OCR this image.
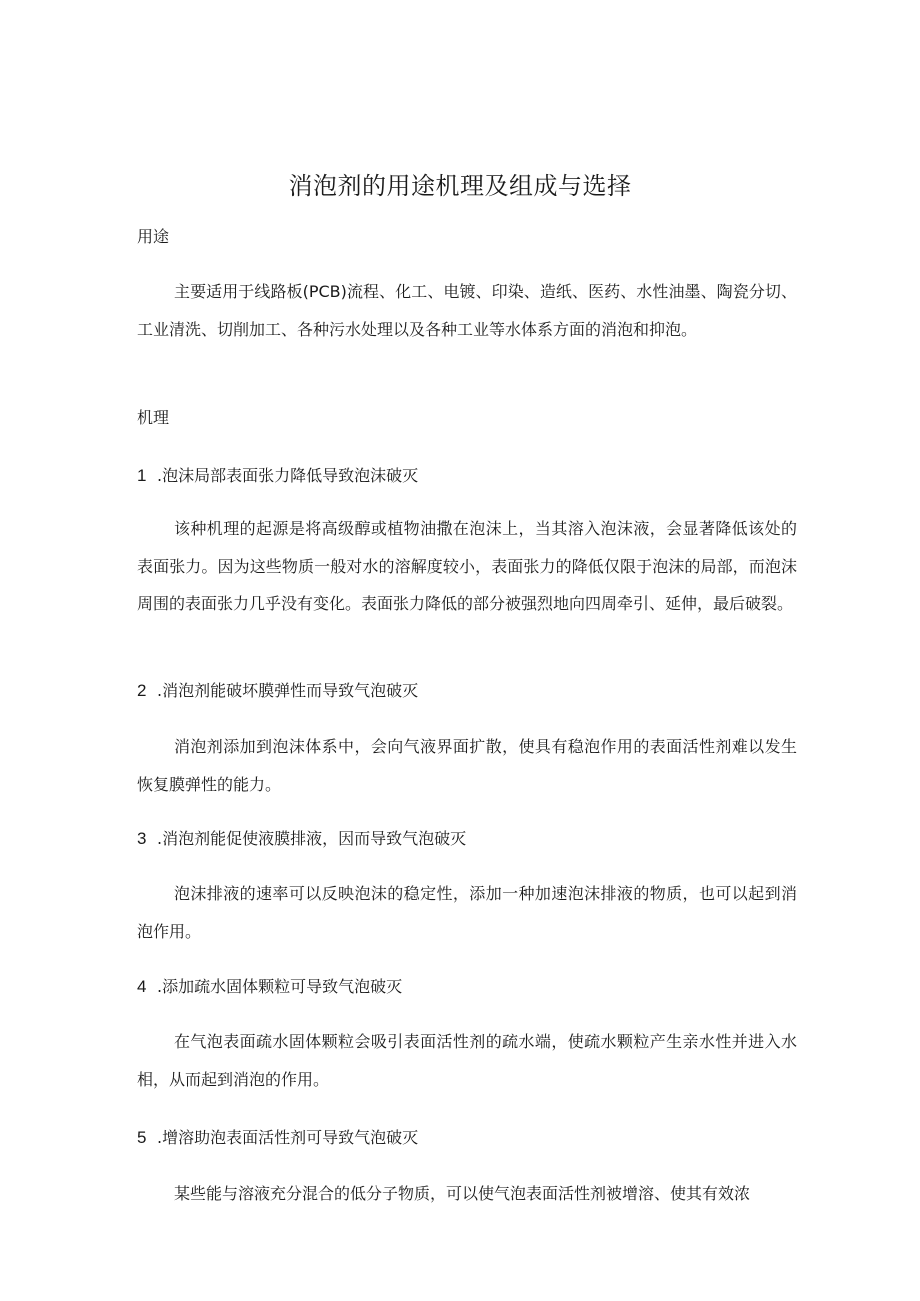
消泡剂的用途机理及组成与选择
用途
主要适用于线路板(PCB)流程、化工、电镀、印染、造纸、医药、水性油墨、陶瓷分切、工业清洗、切削加工、各种污水处理以及各种工业等水体系方面的消泡和抑泡。
机理
1 .泡沫局部表面张力降低导致泡沫破灭
该种机理的起源是将高级醇或植物油撒在泡沫上，当其溶入泡沫液，会显著降低该处的表面张力。因为这些物质一般对水的溶解度较小，表面张力的降低仅限于泡沫的局部，而泡沫周围的表面张力几乎没有变化。表面张力降低的部分被强烈地向四周牵引、延伸，最后破裂。
2 .消泡剂能破坏膜弹性而导致气泡破灭
消泡剂添加到泡沫体系中，会向气液界面扩散，使具有稳泡作用的表面活性剂难以发生恢复膜弹性的能力。
3 .消泡剂能促使液膜排液，因而导致气泡破灭
泡沫排液的速率可以反映泡沫的稳定性，添加一种加速泡沫排液的物质，也可以起到消泡作用。
4 .添加疏水固体颗粒可导致气泡破灭
在气泡表面疏水固体颗粒会吸引表面活性剂的疏水端，使疏水颗粒产生亲水性并进入水相，从而起到消泡的作用。
5 .增溶助泡表面活性剂可导致气泡破灭
某些能与溶液充分混合的低分子物质，可以使气泡表面活性剂被增溶、使其有效浓
